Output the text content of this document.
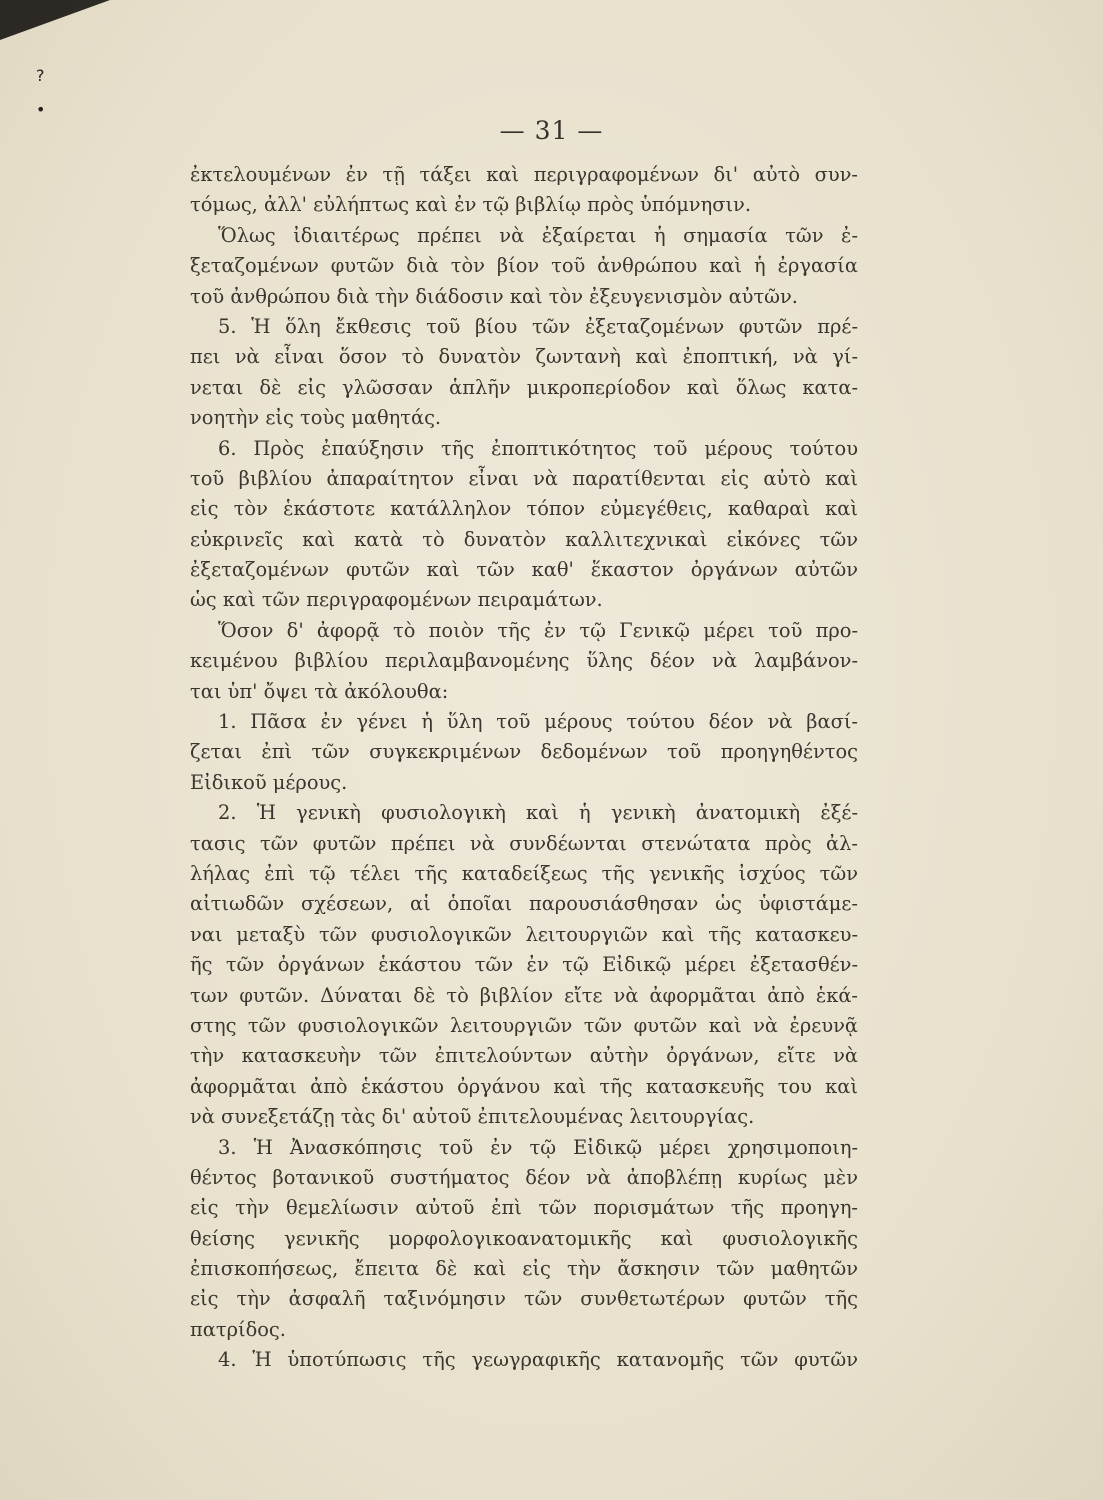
?
•
— 31 —
ἐκτελουμένων ἐν τῇ τάξει καὶ περιγραφομένων δι' αὐτὸ συν-
τόμως, ἀλλ' εὐλήπτως καὶ ἐν τῷ βιβλίῳ πρὸς ὑπόμνησιν.
Ὅλως ἰδιαιτέρως πρέπει νὰ ἐξαίρεται ἡ σημασία τῶν ἐ-
ξεταζομένων φυτῶν διὰ τὸν βίον τοῦ ἀνθρώπου καὶ ἡ ἐργασία
τοῦ ἀνθρώπου διὰ τὴν διάδοσιν καὶ τὸν ἐξευγενισμὸν αὐτῶν.
5. Ἡ ὅλη ἔκθεσις τοῦ βίου τῶν ἐξεταζομένων φυτῶν πρέ-
πει νὰ εἶναι ὅσον τὸ δυνατὸν ζωντανὴ καὶ ἐποπτική, νὰ γί-
νεται δὲ εἰς γλῶσσαν ἁπλῆν μικροπερίοδον καὶ ὅλως κατα-
νοητὴν εἰς τοὺς μαθητάς.
6. Πρὸς ἐπαύξησιν τῆς ἐποπτικότητος τοῦ μέρους τούτου
τοῦ βιβλίου ἀπαραίτητον εἶναι νὰ παρατίθενται εἰς αὐτὸ καὶ
εἰς τὸν ἑκάστοτε κατάλληλον τόπον εὐμεγέθεις, καθαραὶ καὶ
εὐκρινεῖς καὶ κατὰ τὸ δυνατὸν καλλιτεχνικαὶ εἰκόνες τῶν
ἐξεταζομένων φυτῶν καὶ τῶν καθ' ἕκαστον ὀργάνων αὐτῶν
ὡς καὶ τῶν περιγραφομένων πειραμάτων.
Ὅσον δ' ἀφορᾷ τὸ ποιὸν τῆς ἐν τῷ Γενικῷ μέρει τοῦ προ-
κειμένου βιβλίου περιλαμβανομένης ὕλης δέον νὰ λαμβάνον-
ται ὑπ' ὄψει τὰ ἀκόλουθα:
1. Πᾶσα ἐν γένει ἡ ὕλη τοῦ μέρους τούτου δέον νὰ βασί-
ζεται ἐπὶ τῶν συγκεκριμένων δεδομένων τοῦ προηγηθέντος
Εἰδικοῦ μέρους.
2. Ἡ γενικὴ φυσιολογικὴ καὶ ἡ γενικὴ ἀνατομικὴ ἐξέ-
τασις τῶν φυτῶν πρέπει νὰ συνδέωνται στενώτατα πρὸς ἀλ-
λήλας ἐπὶ τῷ τέλει τῆς καταδείξεως τῆς γενικῆς ἰσχύος τῶν
αἰτιωδῶν σχέσεων, αἱ ὁποῖαι παρουσιάσθησαν ὡς ὑφιστάμε-
ναι μεταξὺ τῶν φυσιολογικῶν λειτουργιῶν καὶ τῆς κατασκευ-
ῆς τῶν ὀργάνων ἑκάστου τῶν ἐν τῷ Εἰδικῷ μέρει ἐξετασθέν-
των φυτῶν. Δύναται δὲ τὸ βιβλίον εἴτε νὰ ἀφορμᾶται ἀπὸ ἑκά-
στης τῶν φυσιολογικῶν λειτουργιῶν τῶν φυτῶν καὶ νὰ ἐρευνᾷ
τὴν κατασκευὴν τῶν ἐπιτελούντων αὐτὴν ὀργάνων, εἴτε νὰ
ἀφορμᾶται ἀπὸ ἑκάστου ὀργάνου καὶ τῆς κατασκευῆς του καὶ
νὰ συνεξετάζῃ τὰς δι' αὐτοῦ ἐπιτελουμένας λειτουργίας.
3. Ἡ Ἀνασκόπησις τοῦ ἐν τῷ Εἰδικῷ μέρει χρησιμοποιη-
θέντος βοτανικοῦ συστήματος δέον νὰ ἀποβλέπῃ κυρίως μὲν
εἰς τὴν θεμελίωσιν αὐτοῦ ἐπὶ τῶν πορισμάτων τῆς προηγη-
θείσης γενικῆς μορφολογικοανατομικῆς καὶ φυσιολογικῆς
ἐπισκοπήσεως, ἔπειτα δὲ καὶ εἰς τὴν ἄσκησιν τῶν μαθητῶν
εἰς τὴν ἀσφαλῆ ταξινόμησιν τῶν συνθετωτέρων φυτῶν τῆς
πατρίδος.
4. Ἡ ὑποτύπωσις τῆς γεωγραφικῆς κατανομῆς τῶν φυτῶν
